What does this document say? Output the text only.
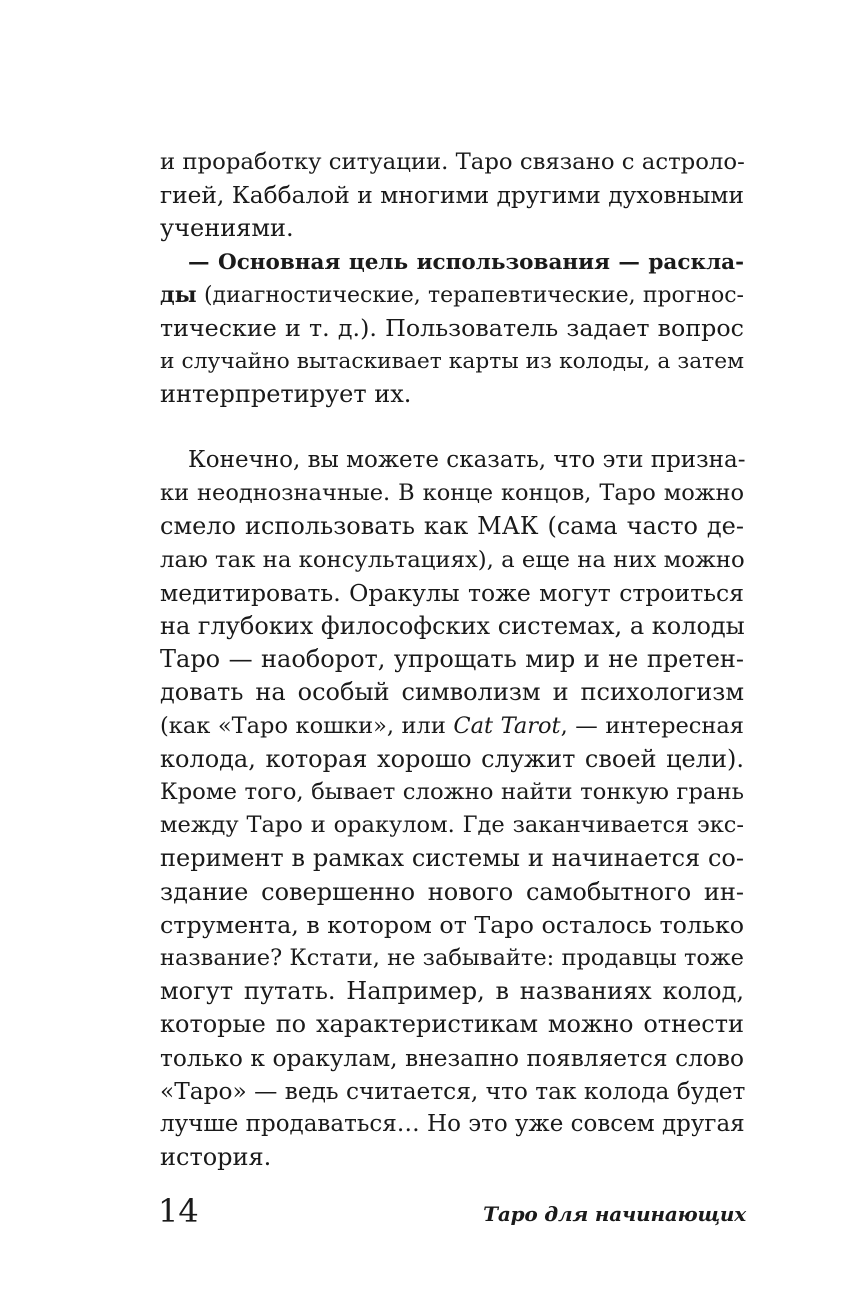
и проработку ситуации. Таро связано с астроло-
гией, Каббалой и многими другими духовными
учениями.
— Основная цель использования — раскла-
ды (диагностические, терапевтические, прогнос-
тические и т. д.). Пользователь задает вопрос
и случайно вытаскивает карты из колоды, а затем
интерпретирует их.
Конечно, вы можете сказать, что эти призна-
ки неоднозначные. В конце концов, Таро можно
смело использовать как МАК (сама часто де-
лаю так на консультациях), а еще на них можно
медитировать. Оракулы тоже могут строиться
на глубоких философских системах, а колоды
Таро — наоборот, упрощать мир и не претен-
довать на особый символизм и психологизм
(как «Таро кошки», или Cat Tarot, — интересная
колода, которая хорошо служит своей цели).
Кроме того, бывает сложно найти тонкую грань
между Таро и оракулом. Где заканчивается экс-
перимент в рамках системы и начинается со-
здание совершенно нового самобытного ин-
струмента, в котором от Таро осталось только
название? Кстати, не забывайте: продавцы тоже
могут путать. Например, в названиях колод,
которые по характеристикам можно отнести
только к оракулам, внезапно появляется слово
«Таро» — ведь считается, что так колода будет
лучше продаваться… Но это уже совсем другая
история.
14	Таро для начинающих
